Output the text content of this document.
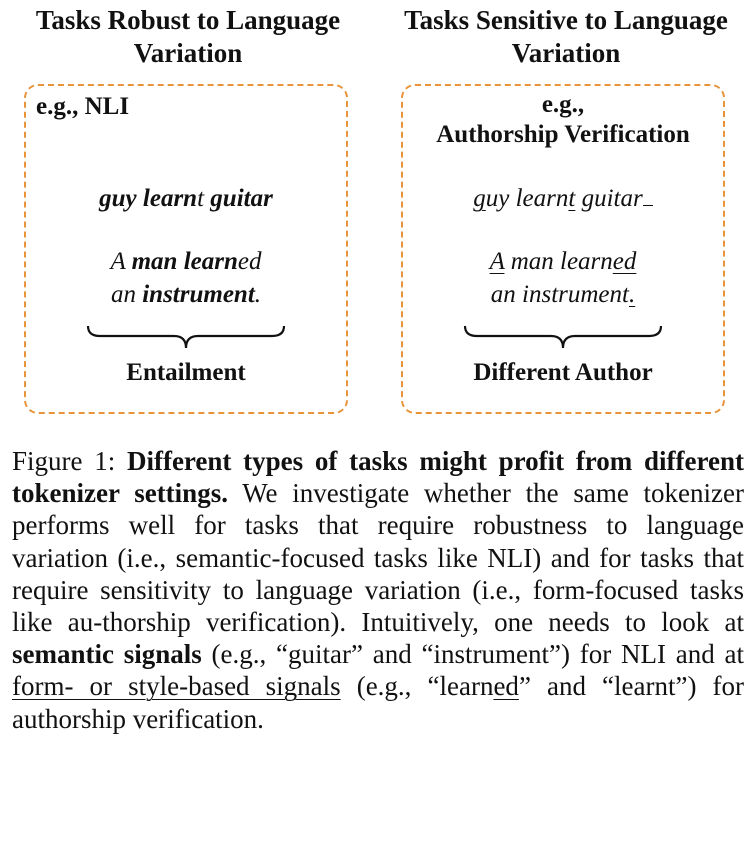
Tasks Robust to Language Variation
Tasks Sensitive to Language Variation
e.g., NLI
guy learnt guitar
A man learned
an instrument.
Entailment
e.g.,
Authorship Verification
guy learnt guitar
A man learned
an instrument.
Different Author
Figure 1: Different types of tasks might profit from different tokenizer settings. We investigate whether the same tokenizer performs well for tasks that require robustness to language variation (i.e., semantic-focused tasks like NLI) and for tasks that require sensitivity to language variation (i.e., form-focused tasks like au-thorship verification). Intuitively, one needs to look at semantic signals (e.g., “guitar” and “instrument”) for NLI and at form- or style-based signals (e.g., “learned” and “learnt”) for authorship verification.
